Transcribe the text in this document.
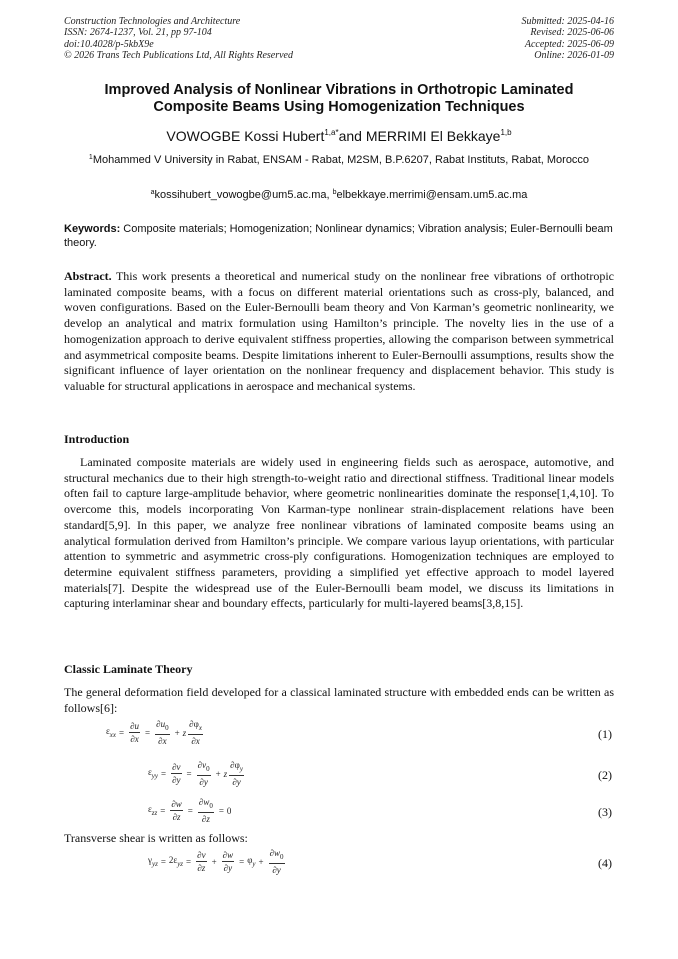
Construction Technologies and Architecture
ISSN: 2674-1237, Vol. 21, pp 97-104
doi:10.4028/p-5kbX9e
© 2026 Trans Tech Publications Ltd, All Rights Reserved
Submitted: 2025-04-16
Revised: 2025-06-06
Accepted: 2025-06-09
Online: 2026-01-09
Improved Analysis of Nonlinear Vibrations in Orthotropic Laminated
Composite Beams Using Homogenization Techniques
VOWOGBE Kossi Hubert$^{1,a*}$and MERRIMI El Bekkaye$^{1,b}$
$^1$Mohammed V University in Rabat, ENSAM - Rabat, M2SM, B.P.6207, Rabat Instituts, Rabat, Morocco
$^a$kossihubert_vowogbe@um5.ac.ma, $^b$elbekkaye.merrimi@ensam.um5.ac.ma
Keywords: Composite materials; Homogenization; Nonlinear dynamics; Vibration analysis; Euler-Bernoulli beam theory.
Abstract. This work presents a theoretical and numerical study on the nonlinear free vibrations of orthotropic laminated composite beams, with a focus on different material orientations such as cross-ply, balanced, and woven configurations. Based on the Euler-Bernoulli beam theory and Von Karman’s geometric nonlinearity, we develop an analytical and matrix formulation using Hamilton’s principle. The novelty lies in the use of a homogenization approach to derive equivalent stiffness properties, allowing the comparison between symmetrical and asymmetrical composite beams. Despite limitations inherent to Euler-Bernoulli assumptions, results show the significant influence of layer orientation on the nonlinear frequency and displacement behavior. This study is valuable for structural applications in aerospace and mechanical systems.
Introduction
Laminated composite materials are widely used in engineering fields such as aerospace, automotive, and structural mechanics due to their high strength-to-weight ratio and directional stiffness. Traditional linear models often fail to capture large-amplitude behavior, where geometric nonlinearities dominate the response[1,4,10]. To overcome this, models incorporating Von Karman-type nonlinear strain-displacement relations have been standard[5,9]. In this paper, we analyze free nonlinear vibrations of laminated composite beams using an analytical formulation derived from Hamilton’s principle. We compare various layup orientations, with particular attention to symmetric and asymmetric cross-ply configurations. Homogenization techniques are employed to determine equivalent stiffness parameters, providing a simplified yet effective approach to model layered materials[7]. Despite the widespread use of the Euler-Bernoulli beam model, we discuss its limitations in capturing interlaminar shear and boundary effects, particularly for multi-layered beams[3,8,15].
Classic Laminate Theory
The general deformation field developed for a classical laminated structure with embedded ends can be written as follows[6]:
$\varepsilon_{xx} = \frac{\partial u}{\partial x} = \frac{\partial u_0}{\partial x} + z \frac{\partial\varphi_x}{\partial x}$	(1)
$\varepsilon_{yy} = \frac{\partial v}{\partial y} = \frac{\partial v_0}{\partial y} + z \frac{\partial\varphi_y}{\partial y}$	(2)
$\varepsilon_{zz} = \frac{\partial w}{\partial z} = \frac{\partial w_0}{\partial z} = 0$	(3)
Transverse shear is written as follows:
$\gamma_{yz} = 2\varepsilon_{yz} = \frac{\partial v}{\partial z} + \frac{\partial w}{\partial y} = \varphi_y + \frac{\partial w_0}{\partial y}$	(4)
